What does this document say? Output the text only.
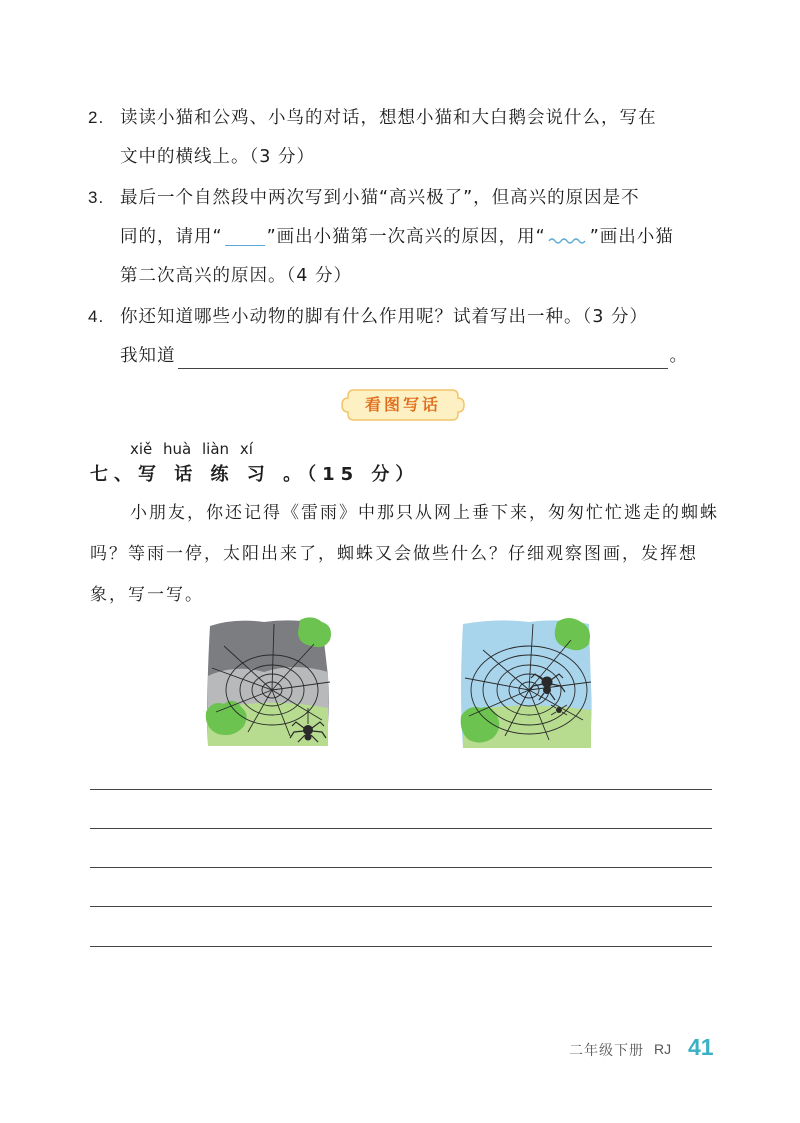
2. 读读小猫和公鸡、小鸟的对话，想想小猫和大白鹅会说什么，写在
文中的横线上。（3 分）
3. 最后一个自然段中两次写到小猫“高兴极了”，但高兴的原因是不
同的，请用“	”画出小猫第一次高兴的原因，用“	”画出小猫
第二次高兴的原因。（4 分）
4. 你还知道哪些小动物的脚有什么作用呢？试着写出一种。（3 分）
我知道	。
看图写话
xiě huà liàn xí
七、写 话 练 习 。（15 分）
小朋友，你还记得《雷雨》中那只从网上垂下来，匆匆忙忙逃走的蜘蛛吗？等雨一停，太阳出来了，蜘蛛又会做些什么？仔细观察图画，发挥想象，写一写。
二年级下册 RJ 41
